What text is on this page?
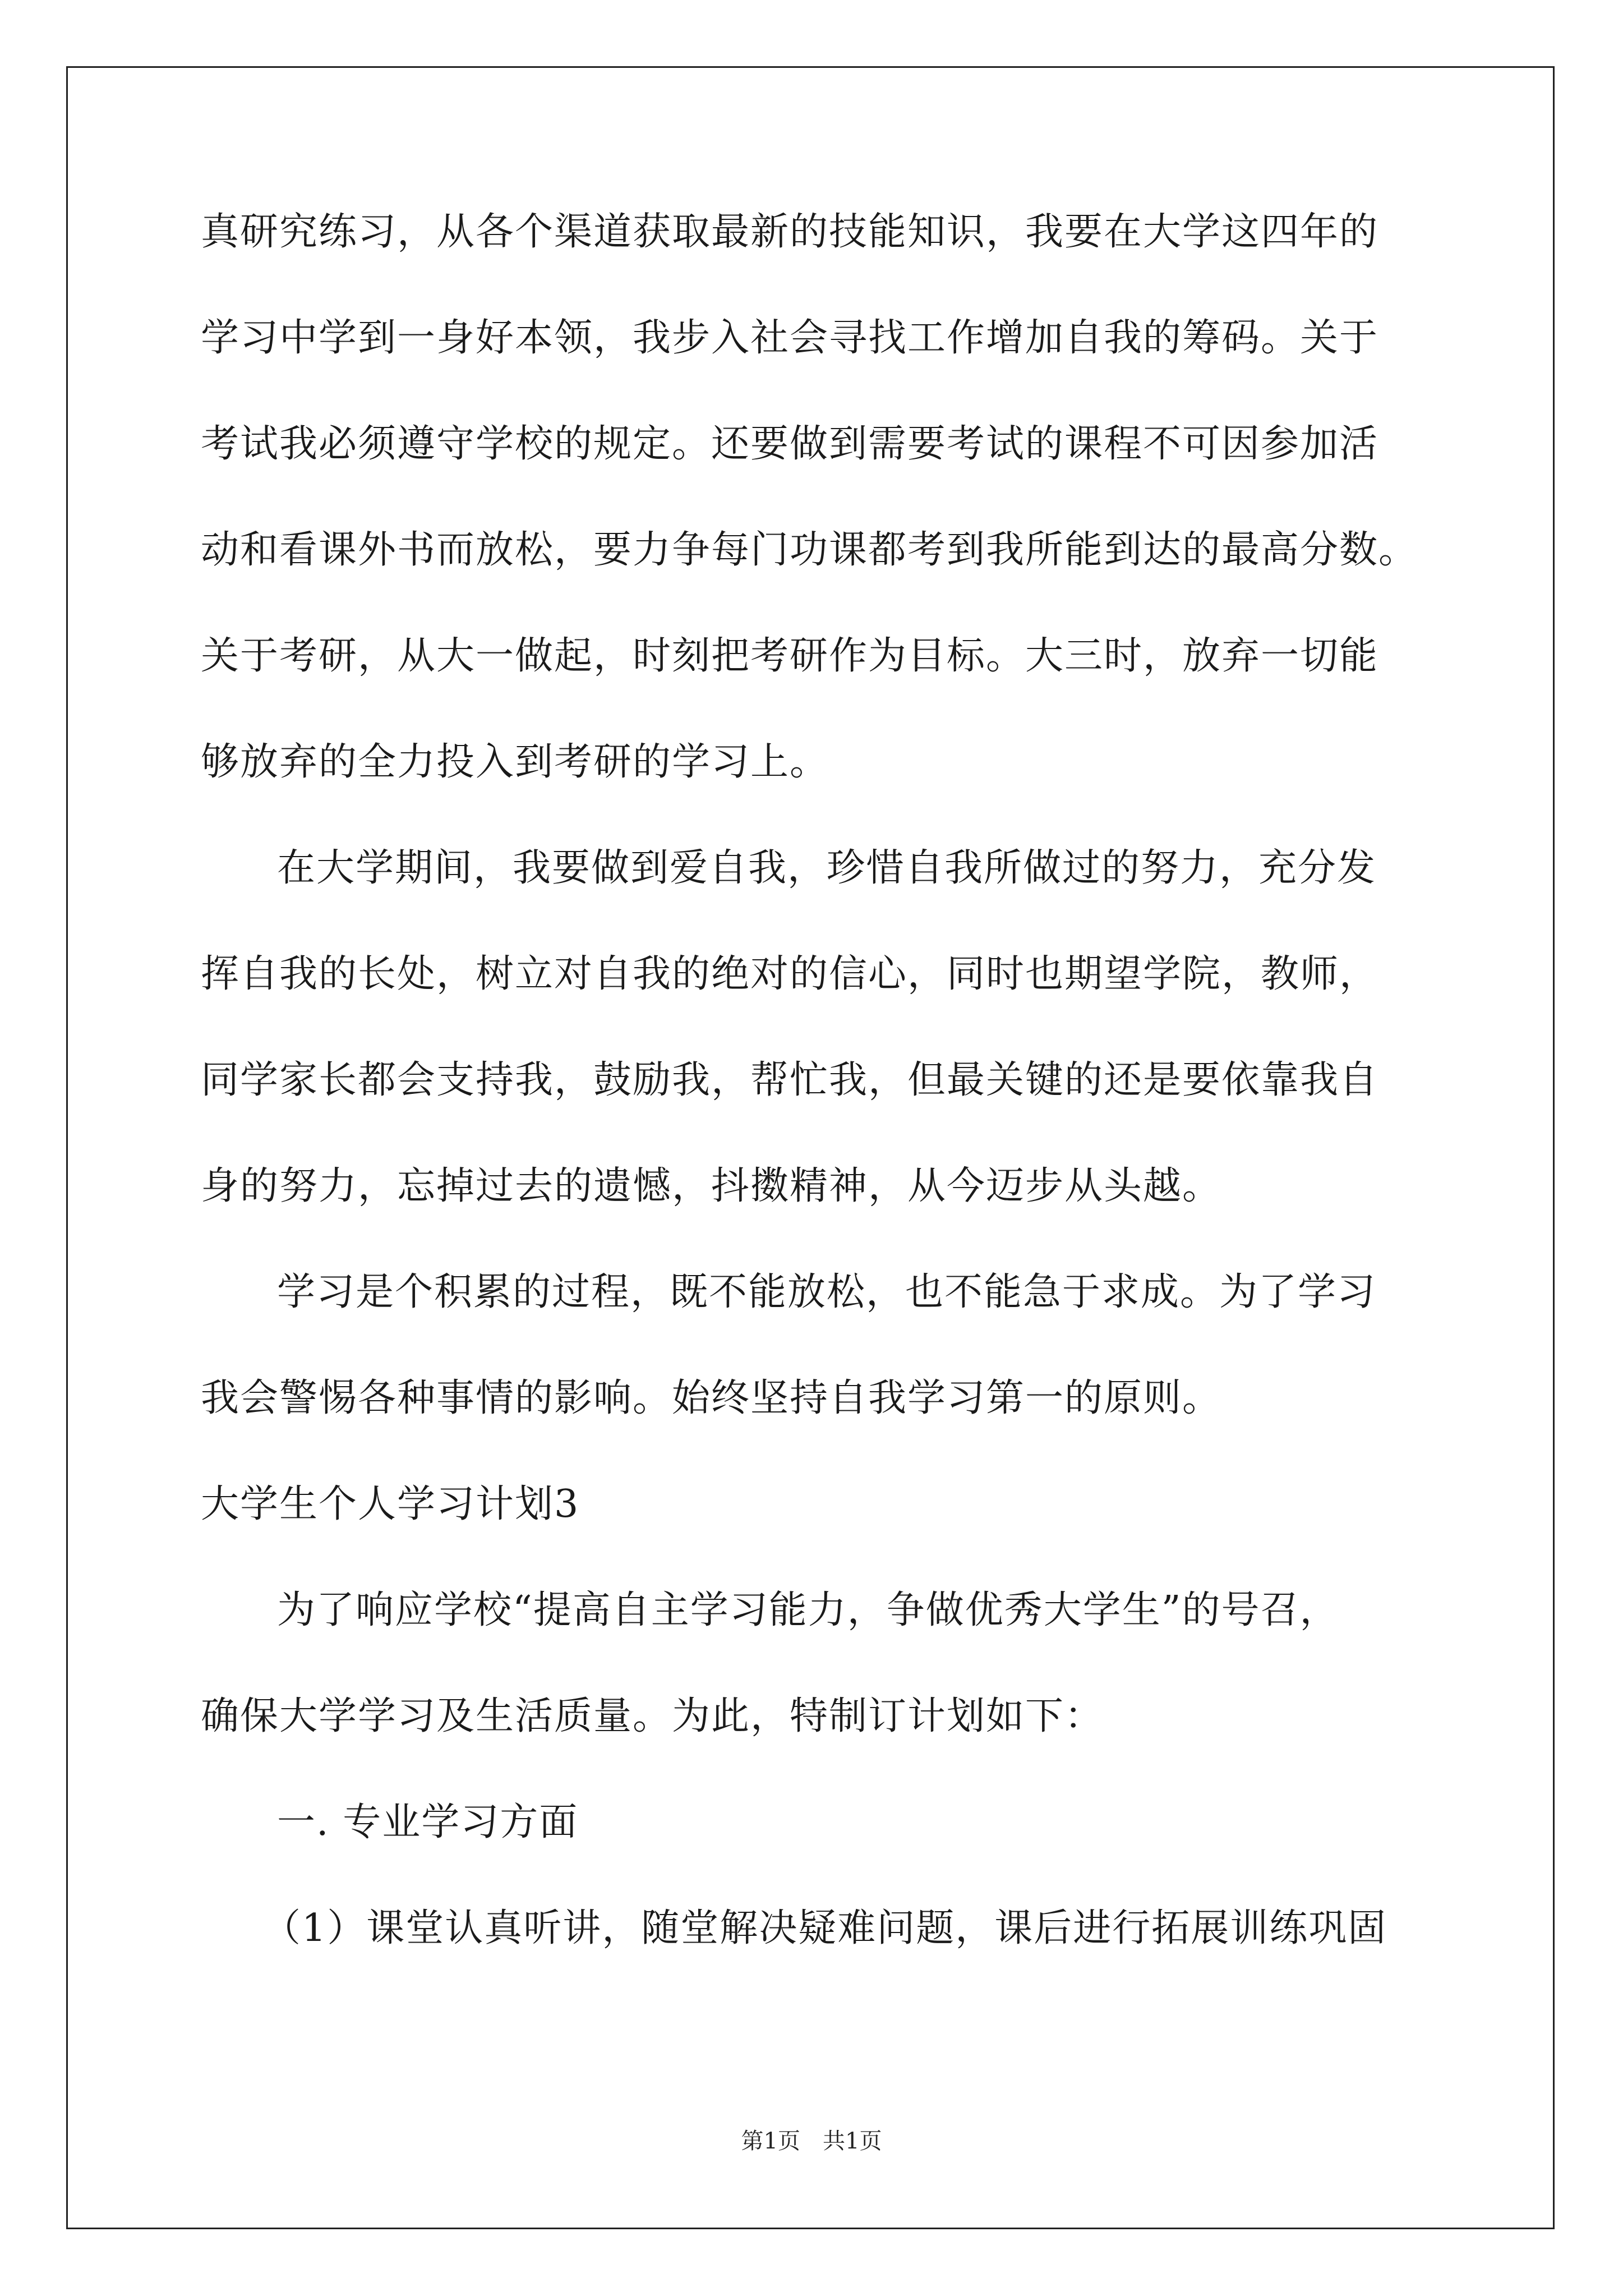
真研究练习，从各个渠道获取最新的技能知识，我要在大学这四年的
学习中学到一身好本领，我步入社会寻找工作增加自我的筹码。关于
考试我必须遵守学校的规定。还要做到需要考试的课程不可因参加活
动和看课外书而放松，要力争每门功课都考到我所能到达的最高分数。
关于考研，从大一做起，时刻把考研作为目标。大三时，放弃一切能
够放弃的全力投入到考研的学习上。
在大学期间，我要做到爱自我，珍惜自我所做过的努力，充分发
挥自我的长处，树立对自我的绝对的信心，同时也期望学院，教师，
同学家长都会支持我，鼓励我，帮忙我，但最关键的还是要依靠我自
身的努力，忘掉过去的遗憾，抖擞精神，从今迈步从头越。
学习是个积累的过程，既不能放松，也不能急于求成。为了学习
我会警惕各种事情的影响。始终坚持自我学习第一的原则。
大学生个人学习计划3
为了响应学校“提高自主学习能力，争做优秀大学生”的号召，
确保大学学习及生活质量。为此，特制订计划如下：
一. 专业学习方面
（1）课堂认真听讲，随堂解决疑难问题，课后进行拓展训练巩固
第1页　共1页
